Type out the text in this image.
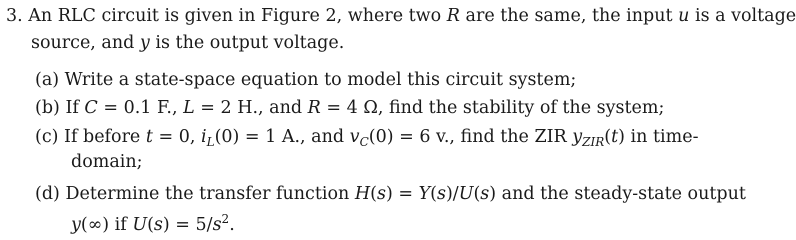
3. An RLC circuit is given in Figure 2, where two R are the same, the input u is a voltage
source, and y is the output voltage.
(a) Write a state-space equation to model this circuit system;
(b) If C = 0.1 F., L = 2 H., and R = 4 Ω, find the stability of the system;
(c) If before t = 0, $i_L(0) = 1$ A., and $v_C(0) = 6$ v., find the ZIR $y_{ZIR}(t)$ in time-
domain;
(d) Determine the transfer function H(s) = Y(s)/U(s) and the steady-state output
y(∞) if $U(s) = 5/s^2$.
